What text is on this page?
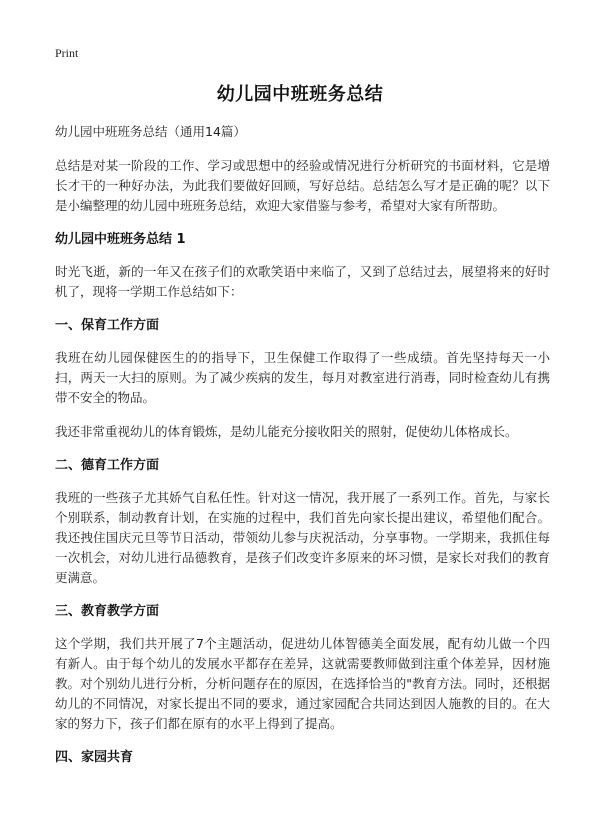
Print
幼儿园中班班务总结
幼儿园中班班务总结（通用14篇）

总结是对某一阶段的工作、学习或思想中的经验或情况进行分析研究的书面材料，它是增长才干的一种好办法，为此我们要做好回顾，写好总结。总结怎么写才是正确的呢？以下是小编整理的幼儿园中班班务总结，欢迎大家借鉴与参考，希望对大家有所帮助。

幼儿园中班班务总结 1

时光飞逝，新的一年又在孩子们的欢歌笑语中来临了，又到了总结过去，展望将来的好时机了，现将一学期工作总结如下：

一、保育工作方面

我班在幼儿园保健医生的的指导下，卫生保健工作取得了一些成绩。首先坚持每天一小扫，两天一大扫的原则。为了减少疾病的发生，每月对教室进行消毒，同时检查幼儿有携带不安全的物品。

我还非常重视幼儿的体育锻炼，是幼儿能充分接收阳关的照射，促使幼儿体格成长。

二、德育工作方面

我班的一些孩子尤其娇气自私任性。针对这一情况，我开展了一系列工作。首先，与家长个别联系，制动教育计划，在实施的过程中，我们首先向家长提出建议，希望他们配合。我还拽住国庆元旦等节日活动，带领幼儿参与庆祝活动，分享事物。一学期来，我抓住每一次机会，对幼儿进行品德教育，是孩子们改变许多原来的坏习惯，是家长对我们的教育更满意。

三、教育教学方面

这个学期，我们共开展了7个主题活动，促进幼儿体智德美全面发展，配有幼儿做一个四有新人。由于每个幼儿的发展水平都存在差异，这就需要教师做到注重个体差异，因材施教。对个别幼儿进行分析，分析问题存在的原因，在选择恰当的"教育方法。同时，还根据幼儿的不同情况，对家长提出不同的要求，通过家园配合共同达到因人施教的目的。在大家的努力下，孩子们都在原有的水平上得到了提高。

四、家园共育
